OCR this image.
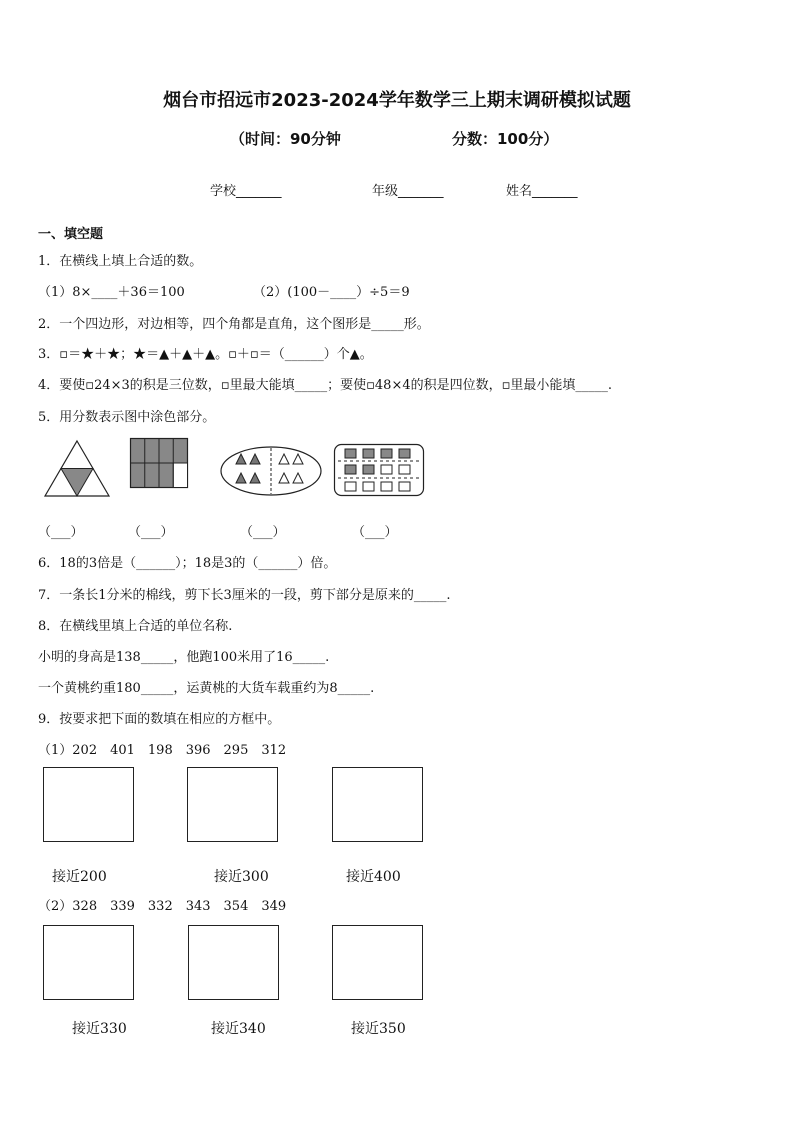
烟台市招远市2023-2024学年数学三上期末调研模拟试题
（时间：90分钟	分数：100分）
学校_______	年级_______	姓名_______
一、填空题
1．在横线上填上合适的数。
（1）8×____＋36＝100	（2）(100－____）÷5＝9
2．一个四边形，对边相等，四个角都是直角，这个图形是_____形。
3．▫＝★＋★；★＝▲＋▲＋▲。▫＋▫＝（______）个▲。
4．要使▫24×3的积是三位数，▫里最大能填_____；要使▫48×4的积是四位数，▫里最小能填_____.
5．用分数表示图中涂色部分。
（___）	（___）	（___）	（___）
6．18的3倍是（______）；18是3的（______）倍。
7．一条长1分米的棉线，剪下长3厘米的一段，剪下部分是原来的_____.
8．在横线里填上合适的单位名称.
小明的身高是138_____，他跑100米用了16_____.
一个黄桃约重180_____，运黄桃的大货车载重约为8_____.
9．按要求把下面的数填在相应的方框中。
（1）202　401　198　396　295　312
接近200	接近300	接近400
（2）328　339　332　343　354　349
接近330	接近340	接近350
